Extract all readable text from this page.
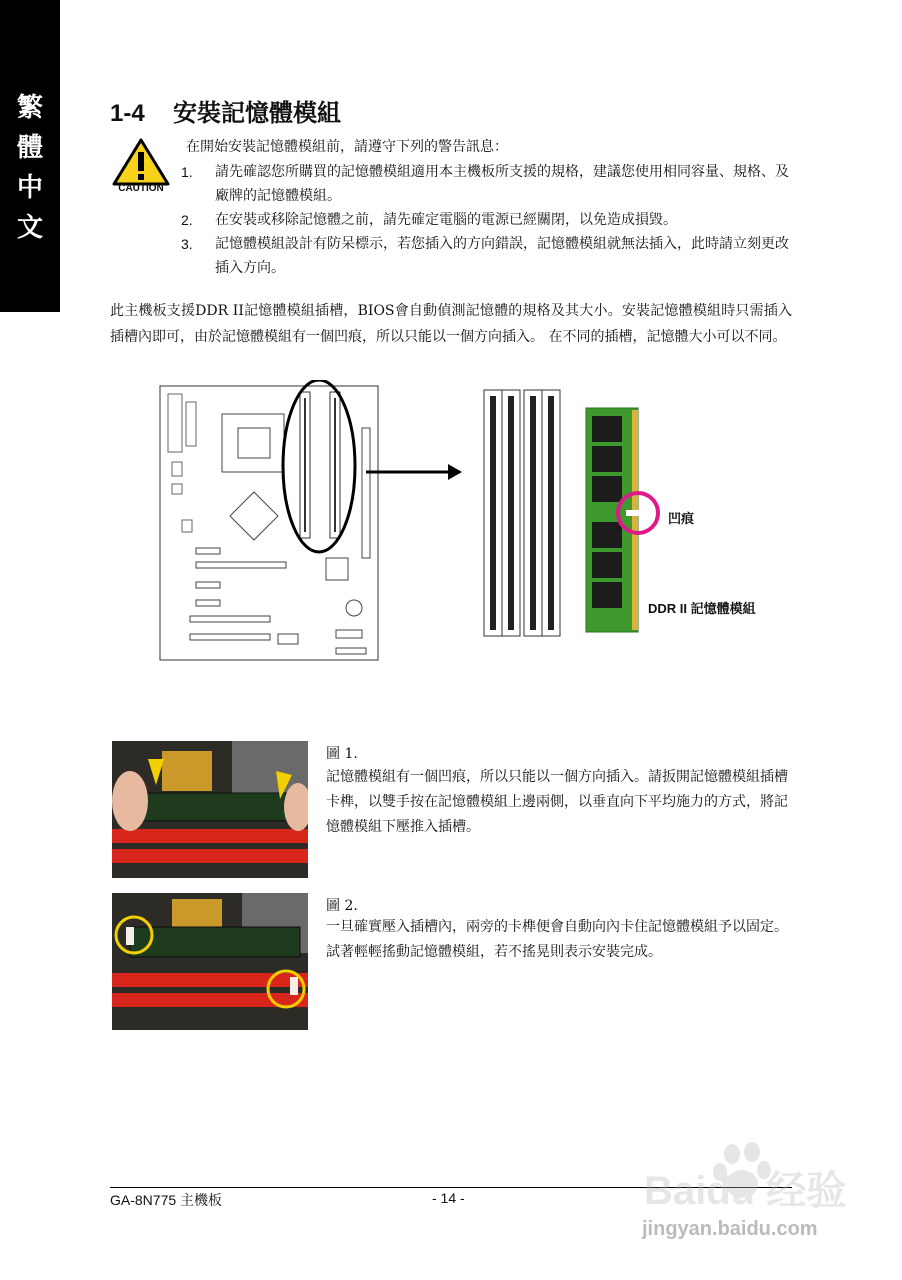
繁
體
中
文
1-4 安裝記憶體模組
CAUTION
在開始安裝記憶體模組前，請遵守下列的警告訊息：
1.	請先確認您所購買的記憶體模組適用本主機板所支援的規格，建議您使用相同容量、規格、及廠牌的記憶體模組。
2.	在安裝或移除記憶體之前，請先確定電腦的電源已經關閉，以免造成損毀。
3.	記憶體模組設計有防呆標示，若您插入的方向錯誤，記憶體模組就無法插入，此時請立刻更改插入方向。
此主機板支援DDR II記憶體模組插槽，BIOS會自動偵測記憶體的規格及其大小。安裝記憶體模組時只需插入插槽內即可，由於記憶體模組有一個凹痕，所以只能以一個方向插入。 在不同的插槽，記憶體大小可以不同。
凹痕
DDR II 記憶體模組
圖 1.
記憶體模組有一個凹痕，所以只能以一個方向插入。請扳開記憶體模組插槽卡榫，以雙手按在記憶體模組上邊兩側，以垂直向下平均施力的方式，將記憶體模組下壓推入插槽。
圖 2.
一旦確實壓入插槽內，兩旁的卡榫便會自動向內卡住記憶體模組予以固定。試著輕輕搖動記憶體模組，若不搖晃則表示安裝完成。
GA-8N775 主機板	- 14 -	Baidu 经验
jingyan.baidu.com
